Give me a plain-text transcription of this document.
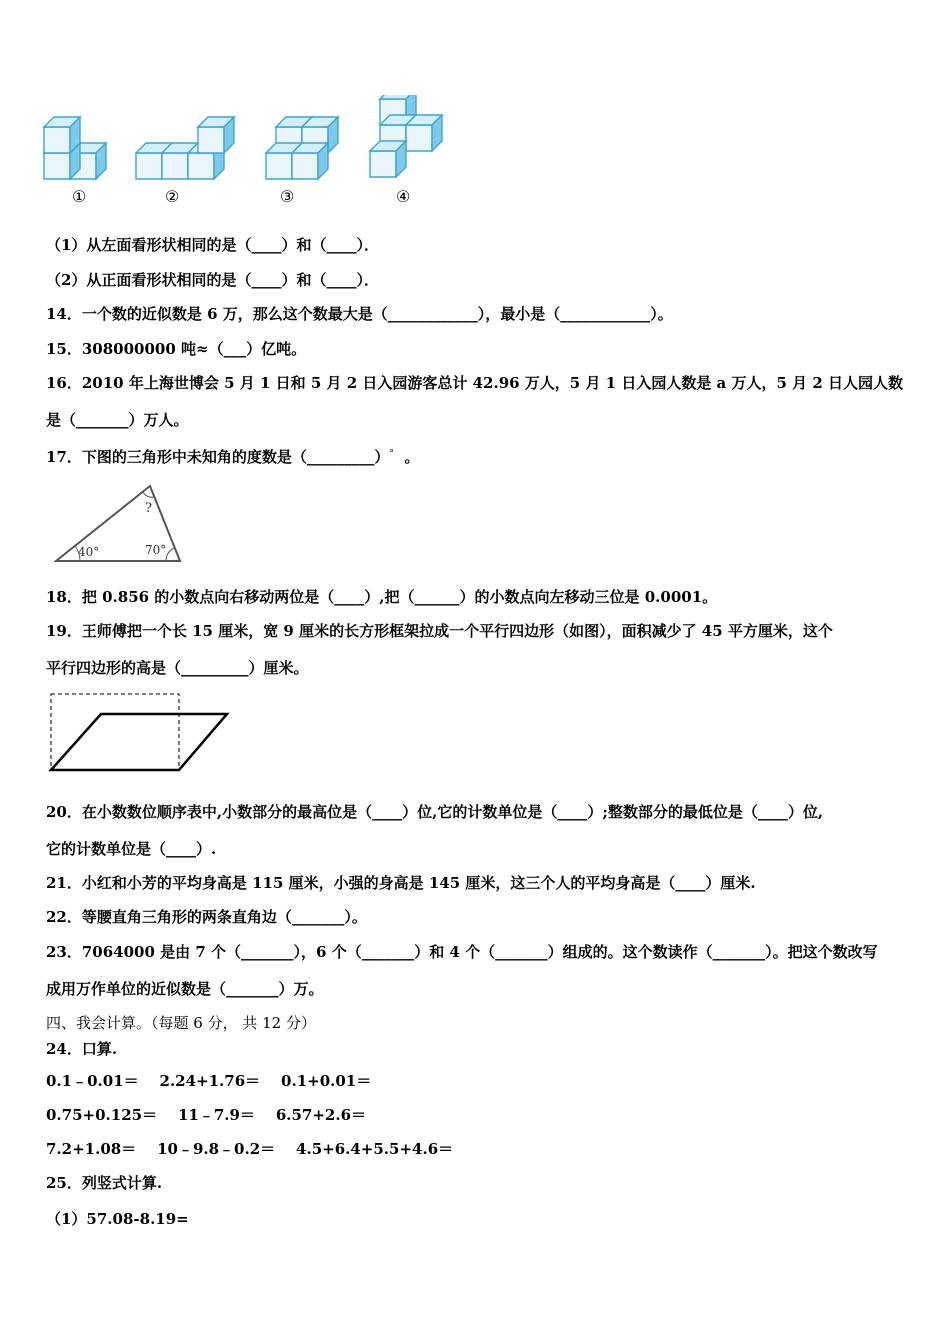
①	②	③	④
（1）从左面看形状相同的是（____）和（____）．
（2）从正面看形状相同的是（____）和（____）．
14．一个数的近似数是 6 万，那么这个数最大是（____________），最小是（____________）。
15．308000000 吨≈（___）亿吨。
16．2010 年上海世博会 5 月 1 日和 5 月 2 日入园游客总计 42.96 万人，5 月 1 日入园人数是 a 万人，5 月 2 日人园人数
是（_______）万人。
17．下图的三角形中未知角的度数是（_________）° 。
?
40°	70°
18．把 0.856 的小数点向右移动两位是（____）,把（______）的小数点向左移动三位是 0.0001。
19．王师傅把一个长 15 厘米，宽 9 厘米的长方形框架拉成一个平行四边形（如图），面积减少了 45 平方厘米，这个
平行四边形的高是（_________）厘米。
20．在小数数位顺序表中,小数部分的最高位是（____）位,它的计数单位是（____）;整数部分的最低位是（____）位,
它的计数单位是（____）.
21．小红和小芳的平均身高是 115 厘米，小强的身高是 145 厘米，这三个人的平均身高是（____）厘米.
22．等腰直角三角形的两条直角边（_______）。
23．7064000 是由 7 个（_______），6 个（_______）和 4 个（_______）组成的。这个数读作（_______）。把这个数改写
成用万作单位的近似数是（_______）万。
四、我会计算。（每题 6 分， 共 12 分）
24．口算.
0.1﹣0.01＝    2.24+1.76＝    0.1+0.01＝
0.75+0.125＝    11﹣7.9＝    6.57+2.6＝
7.2+1.08＝    10﹣9.8﹣0.2＝    4.5+6.4+5.5+4.6＝
25．列竖式计算.
（1）57.08-8.19=
